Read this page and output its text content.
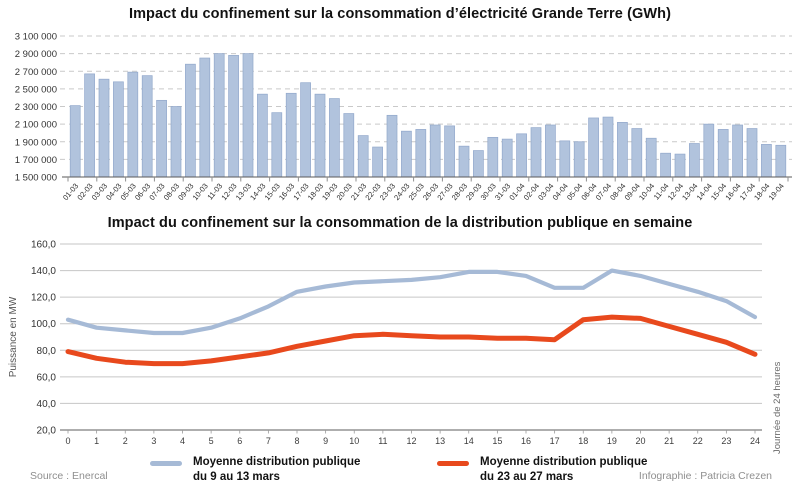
Impact du confinement sur la consommation d’électricité Grande Terre (GWh)
1 500 000
1 700 000
1 900 000
2 100 000
2 300 000
2 500 000
2 700 000
2 900 000
3 100 000
01-03
02-03
03-03
04-03
05-03
06-03
07-03
08-03
09-03
10-03
11-03
12-03
13-03
14-03
15-03
16-03
17-03
18-03
19-03
20-03
21-03
22-03
23-03
24-03
25-03
26-03
27-03
28-03
29-03
30-03
31-03
01-04
02-04
03-04
04-04
05-04
06-04
07-04
08-04
09-04
10-04
11-04
12-04
13-04
14-04
15-04
16-04
17-04
18-04
19-04
Impact du confinement sur la consommation de la distribution publique en semaine
20,0
40,0
60,0
80,0
100,0
120,0
140,0
160,0
0	1	2	3	4	5	6	7	8	9 10 11 12 13 14 15 16 17 18 19 20 21 22 23 24
Puissance en MW
Journée de 24 heures
Moyenne distribution publique
du 9 au 13 mars
Moyenne distribution publique
du 23 au 27 mars
Source : Enercal	Infographie : Patricia Crezen
